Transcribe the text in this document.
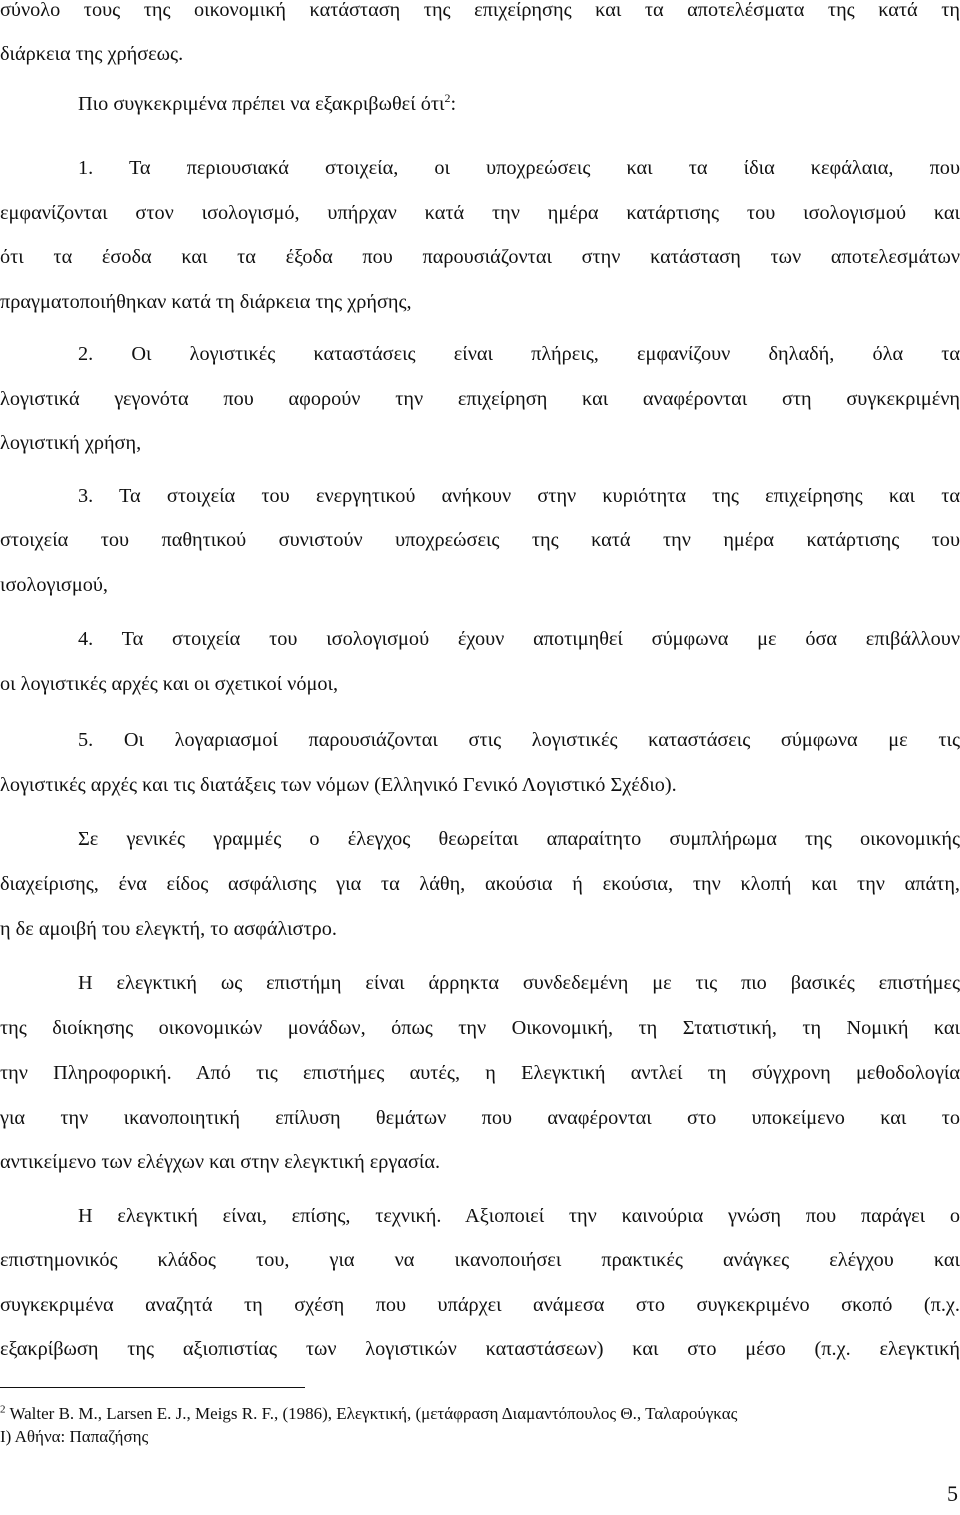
σύνολο τους της οικονομική κατάσταση της επιχείρησης και τα αποτελέσματα της κατά τη
διάρκεια της χρήσεως.
Πιο συγκεκριμένα πρέπει να εξακριβωθεί ότι$^2$:
1. Τα περιουσιακά στοιχεία, οι υποχρεώσεις και τα ίδια κεφάλαια, που
εμφανίζονται στον ισολογισμό, υπήρχαν κατά την ημέρα κατάρτισης του ισολογισμού και
ότι τα έσοδα και τα έξοδα που παρουσιάζονται στην κατάσταση των αποτελεσμάτων
πραγματοποιήθηκαν κατά τη διάρκεια της χρήσης,
2. Οι λογιστικές καταστάσεις είναι πλήρεις, εμφανίζουν δηλαδή, όλα τα
λογιστικά γεγονότα που αφορούν την επιχείρηση και αναφέρονται στη συγκεκριμένη
λογιστική χρήση,
3. Τα στοιχεία του ενεργητικού ανήκουν στην κυριότητα της επιχείρησης και τα
στοιχεία του παθητικού συνιστούν υποχρεώσεις της κατά την ημέρα κατάρτισης του
ισολογισμού,
4. Τα στοιχεία του ισολογισμού έχουν αποτιμηθεί σύμφωνα με όσα επιβάλλουν
οι λογιστικές αρχές και οι σχετικοί νόμοι,
5. Οι λογαριασμοί παρουσιάζονται στις λογιστικές καταστάσεις σύμφωνα με τις
λογιστικές αρχές και τις διατάξεις των νόμων (Ελληνικό Γενικό Λογιστικό Σχέδιο).
Σε γενικές γραμμές ο έλεγχος θεωρείται απαραίτητο συμπλήρωμα της οικονομικής
διαχείρισης, ένα είδος ασφάλισης για τα λάθη, ακούσια ή εκούσια, την κλοπή και την απάτη,
η δε αμοιβή του ελεγκτή, το ασφάλιστρο.
Η ελεγκτική ως επιστήμη είναι άρρηκτα συνδεδεμένη με τις πιο βασικές επιστήμες
της διοίκησης οικονομικών μονάδων, όπως την Οικονομική, τη Στατιστική, τη Νομική και
την Πληροφορική. Από τις επιστήμες αυτές, η Ελεγκτική αντλεί τη σύγχρονη μεθοδολογία
για την ικανοποιητική επίλυση θεμάτων που αναφέρονται στο υποκείμενο και το
αντικείμενο των ελέγχων και στην ελεγκτική εργασία.
Η ελεγκτική είναι, επίσης, τεχνική. Αξιοποιεί την καινούρια γνώση που παράγει ο
επιστημονικός κλάδος του, για να ικανοποιήσει πρακτικές ανάγκες ελέγχου και
συγκεκριμένα αναζητά τη σχέση που υπάρχει ανάμεσα στο συγκεκριμένο σκοπό (π.χ.
εξακρίβωση της αξιοπιστίας των λογιστικών καταστάσεων) και στο μέσο (π.χ. ελεγκτική
$^2$ Walter B. M., Larsen E. J., Meigs R. F., (1986), Ελεγκτική, (μετάφραση Διαμαντόπουλος Θ., Ταλαρούγκας
Ι) Αθήνα: Παπαζήσης
5
